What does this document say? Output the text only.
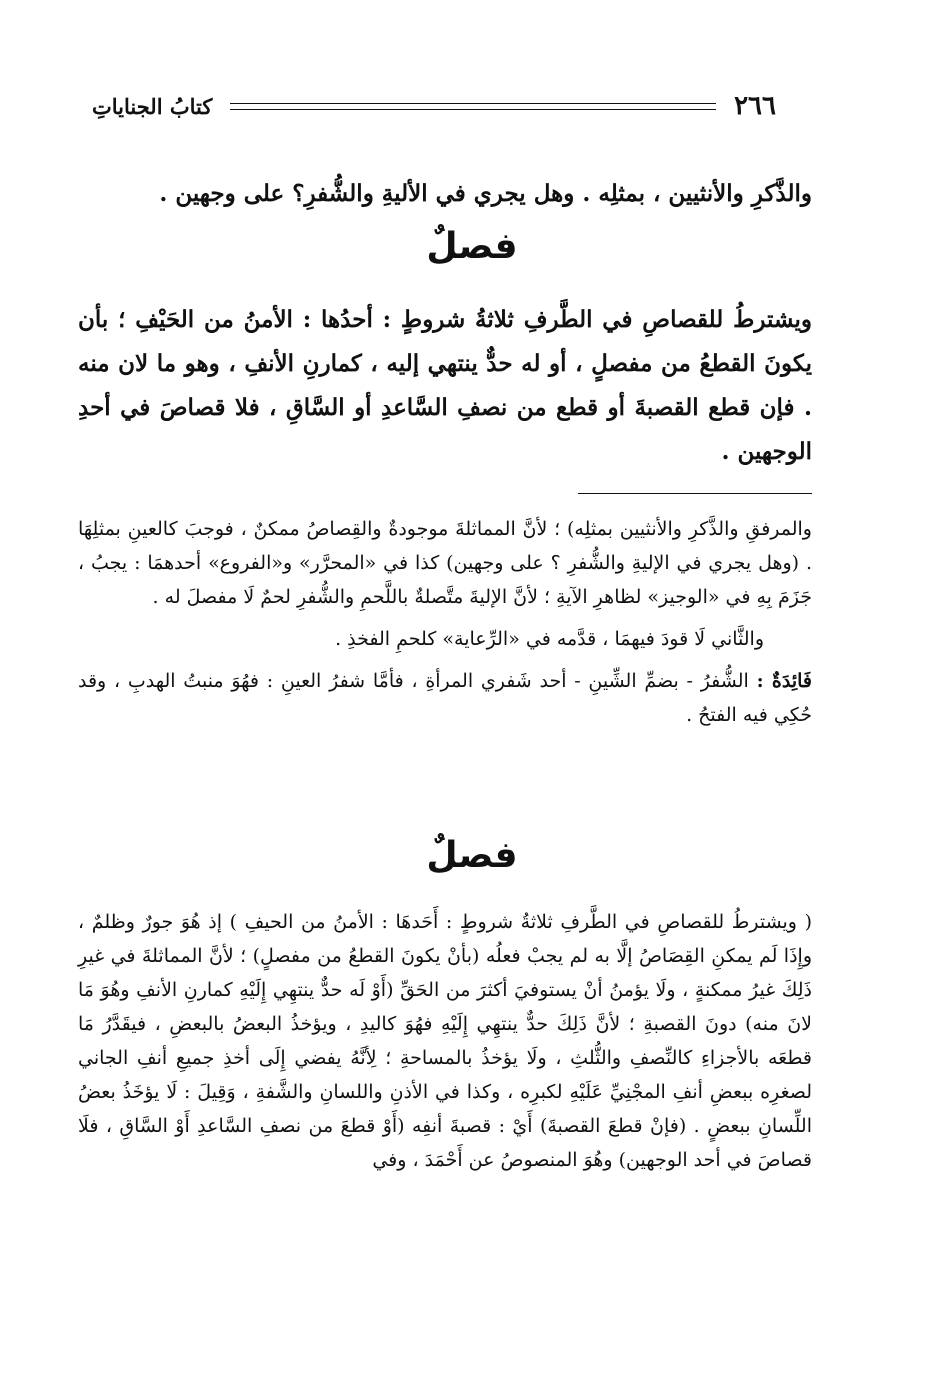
كتابُ الجناياتِ	٢٦٦

والذَّكرِ والأنثيين ، بمثلِه . وهل يجري في الأليةِ والشُّفرِ؟ على وجهين .

فصلٌ

ويشترطُ للقصاصِ في الطَّرفِ ثلاثةُ شروطٍ : أحدُها : الأمنُ من الحَيْفِ ؛ بأن يكونَ القطعُ من مفصلٍ ، أو له حدٌّ ينتهي إليه ، كمارنِ الأنفِ ، وهو ما لان منه . فإن قطع القصبةَ أو قطع من نصفِ السَّاعدِ أو السَّاقِ ، فلا قصاصَ في أحدِ الوجهين .

والمرفقِ والذَّكرِ والأنثيين بمثلِه) ؛ لأنَّ المماثلةَ موجودةٌ والقِصاصُ ممكنٌ ، فوجبَ كالعينِ بمثلِهَا . (وهل يجري في الإليةِ والشُّفرِ ؟ على وجهين) كذا في «المحرَّر» و«الفروع» أحدهمَا : يجبُ ، جَزَمَ بِهِ في «الوجيز» لظاهرِ الآيةِ ؛ لأنَّ الإليةَ متَّصلةٌ باللَّحمِ والشُّفرِ لحمٌ لَا مفصلَ له .

والثَّاني لَا قودَ فيهمَا ، قدَّمه في «الرِّعاية» كلحمِ الفخذِ .

فَائِدَةٌ : الشُّفرُ - بضمِّ الشِّينِ - أحد شَفري المرأةِ ، فأمَّا شفرُ العينِ : فهُوَ منبتُ الهدبِ ، وقد حُكِي فيه الفتحُ .

فصلٌ

( ويشترطُ للقصاصِ في الطَّرفِ ثلاثةُ شروطٍ : أَحَدهَا : الأمنُ من الحيفِ ) إذ هُوَ جورٌ وظلمٌ ، وإِذَا لَم يمكنِ القِصَاصُ إلَّا به لم يجبْ فعلُه (بأنْ يكونَ القطعُ من مفصلٍ) ؛ لأنَّ المماثلةَ في غيرِ ذَلِكَ غيرُ ممكنةٍ ، ولَا يؤمنُ أنْ يستوفيَ أكثرَ من الحَقِّ (أَوْ لَه حدٌّ ينتهِي إِلَيْهِ كمارنِ الأنفِ وهُوَ مَا لانَ منه) دونَ القصبةِ ؛ لأنَّ ذَلِكَ حدٌّ ينتهِي إِلَيْهِ فهُوَ كاليدِ ، ويؤخذُ البعضُ بالبعضِ ، فيقَدَّرُ مَا قطعَه بالأجزاءِ كالنِّصفِ والثُّلثِ ، ولَا يؤخذُ بالمساحةِ ؛ لِأنَّهُ يفضي إِلَى أخذِ جميعِ أنفِ الجاني لصغرِه ببعضِ أنفِ المجْنِيِّ عَلَيْهِ لكبرِه ، وكذا في الأذنِ واللسانِ والشَّفةِ ، وَقِيلَ : لَا يؤخَذُ بعضُ اللِّسانِ ببعضٍ . (فإنْ قطعَ القصبةَ) أَيْ : قصبةَ أنفِه (أَوْ قطعَ من نصفِ السَّاعدِ أَوْ السَّاقِ ، فلَا قصاصَ في أحد الوجهين) وهُوَ المنصوصُ عن أَحْمَدَ ، وفي
